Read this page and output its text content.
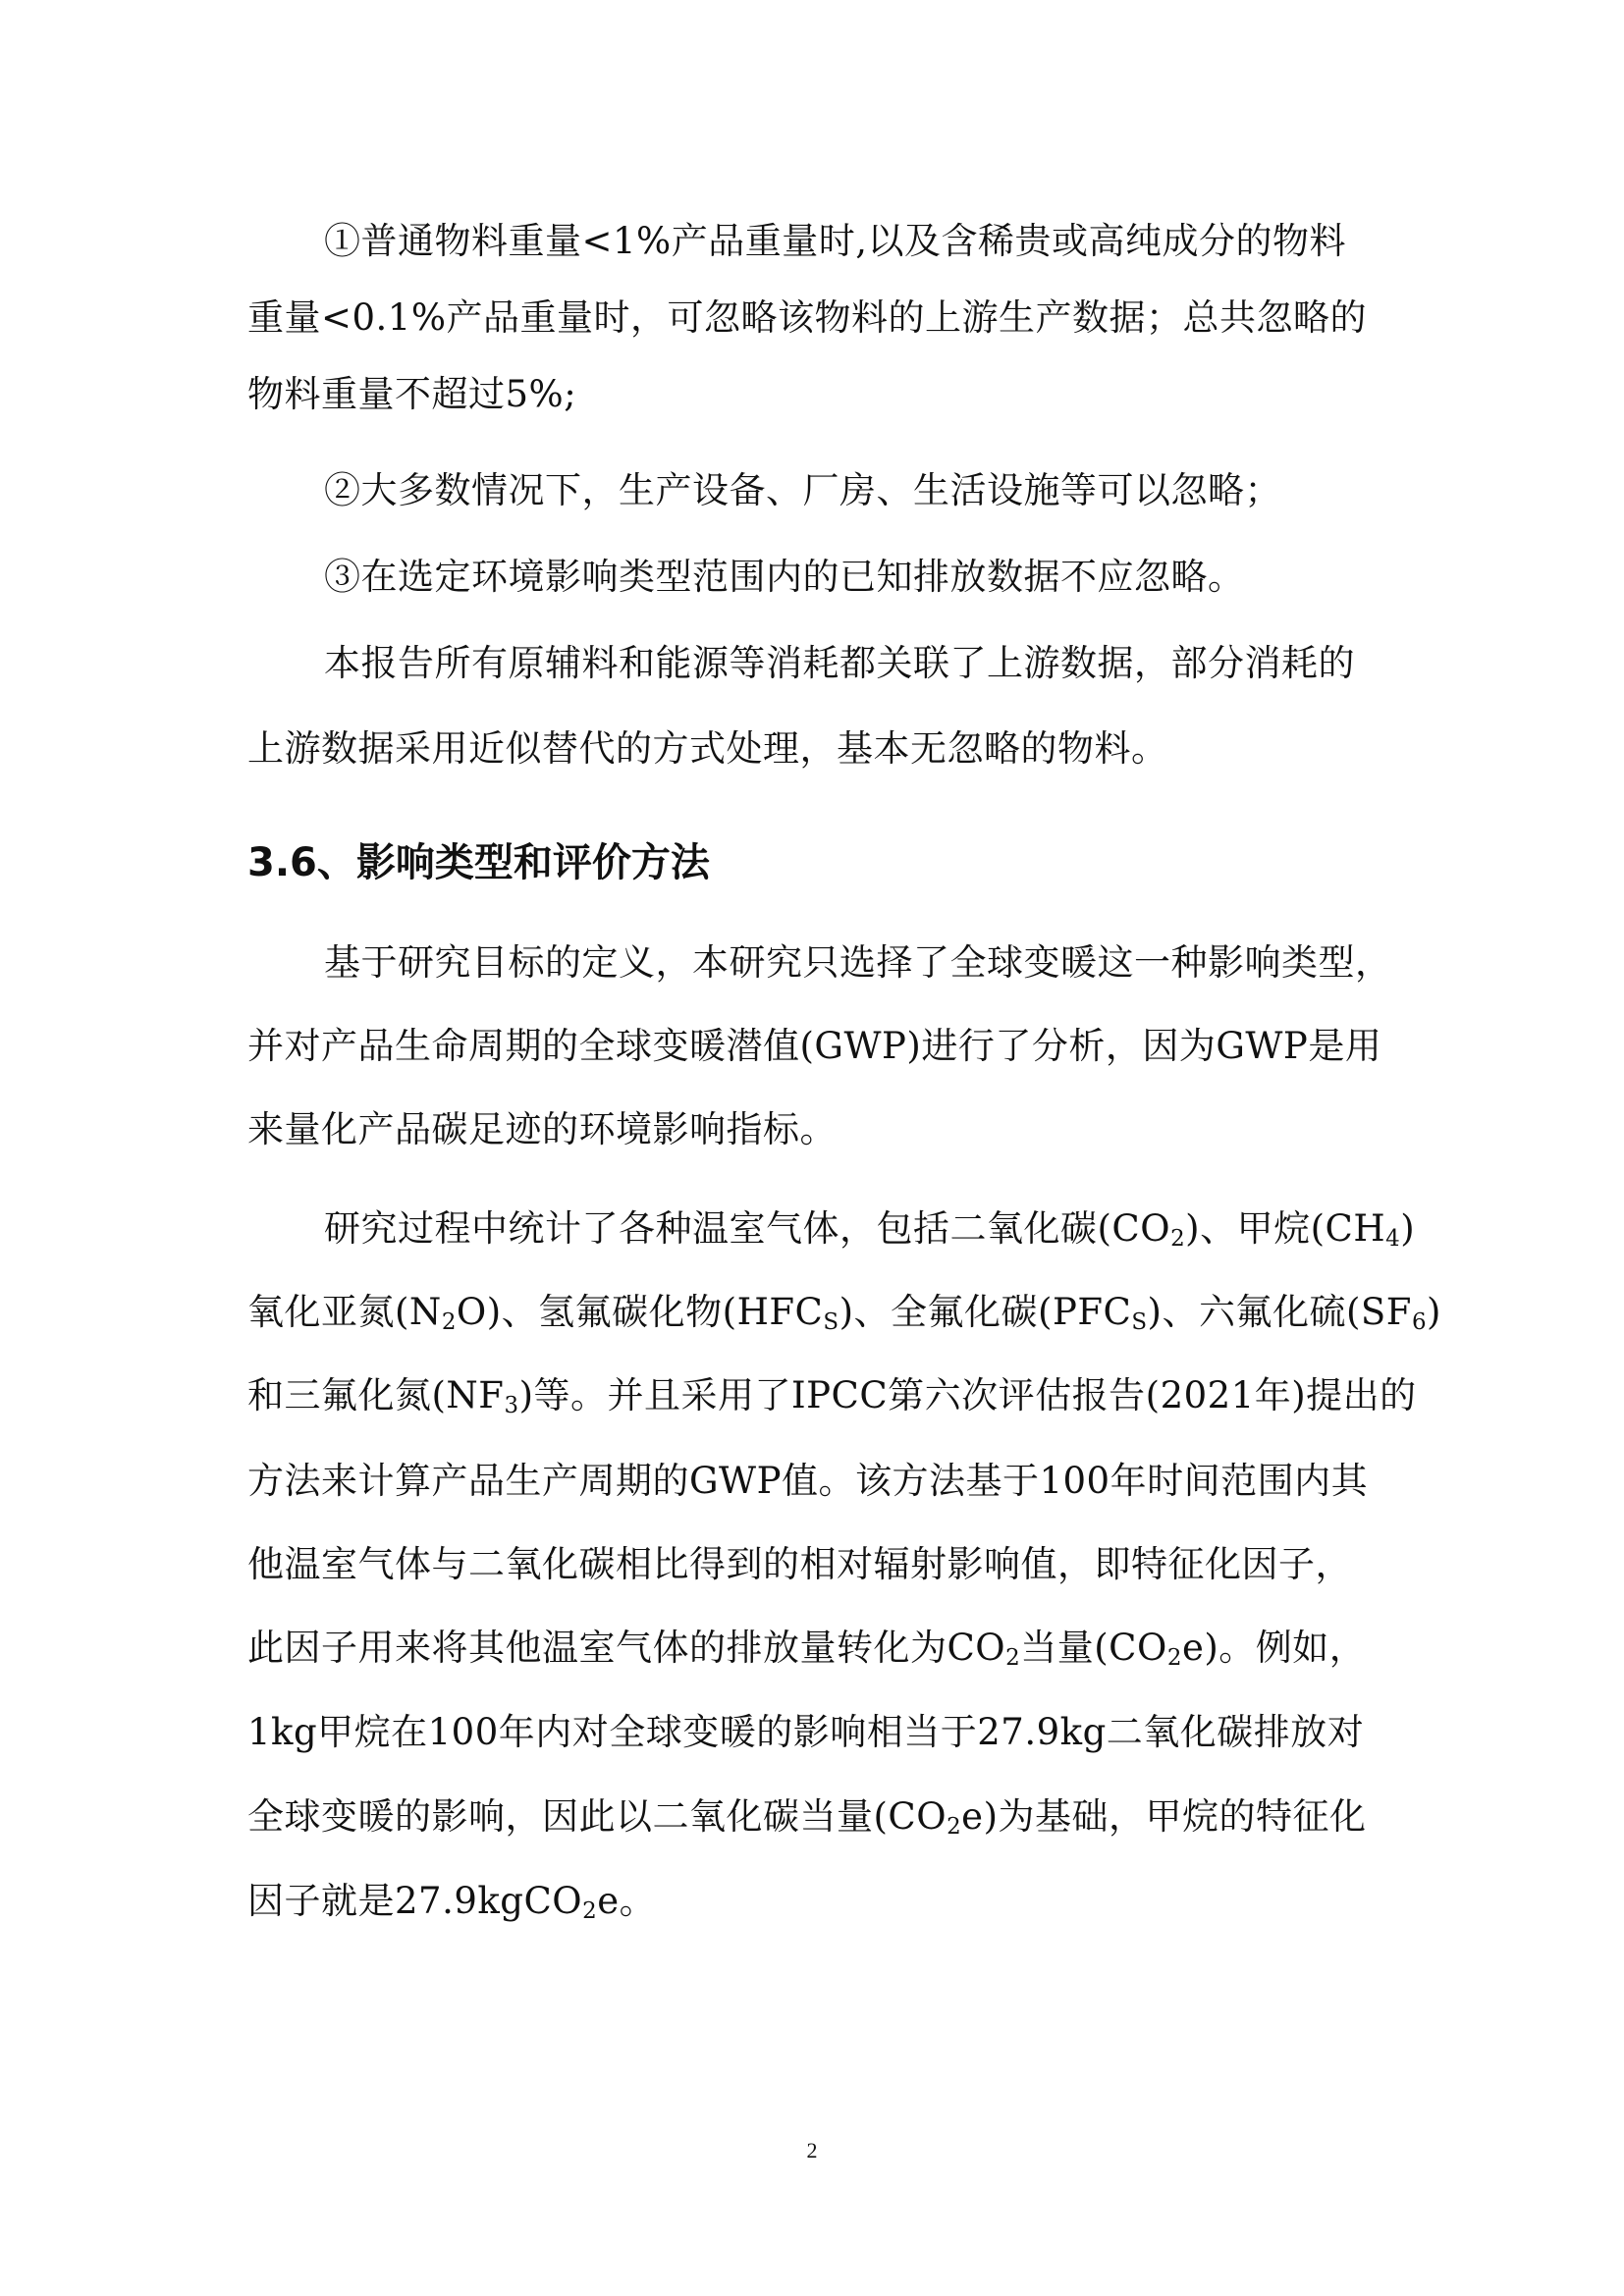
①普通物料重量<1%产品重量时,以及含稀贵或高纯成分的物料
重量<0.1%产品重量时，可忽略该物料的上游生产数据；总共忽略的
物料重量不超过5%;
②大多数情况下，生产设备、厂房、生活设施等可以忽略；
③在选定环境影响类型范围内的已知排放数据不应忽略。
本报告所有原辅料和能源等消耗都关联了上游数据，部分消耗的
上游数据采用近似替代的方式处理，基本无忽略的物料。
3.6、影响类型和评价方法
基于研究目标的定义，本研究只选择了全球变暖这一种影响类型，
并对产品生命周期的全球变暖潜值(GWP)进行了分析，因为GWP是用
来量化产品碳足迹的环境影响指标。
研究过程中统计了各种温室气体，包括二氧化碳$(CO_2)$、甲烷$(CH_4)$
氧化亚氮$(N_2O)$、氢氟碳化物$(HFC_S)$、全氟化碳$(PFC_S)$、六氟化硫$(SF_6)$
和三氟化氮$(NF_3)$等。并且采用了IPCC第六次评估报告(2021年)提出的
方法来计算产品生产周期的GWP值。该方法基于100年时间范围内其
他温室气体与二氧化碳相比得到的相对辐射影响值，即特征化因子，
此因子用来将其他温室气体的排放量转化为$CO_2$当量$(CO_2e)$。例如，
1kg甲烷在100年内对全球变暖的影响相当于27.9kg二氧化碳排放对
全球变暖的影响，因此以二氧化碳当量$(CO_2e)$为基础，甲烷的特征化
因子就是27.9kgCO$_2$e。
2
